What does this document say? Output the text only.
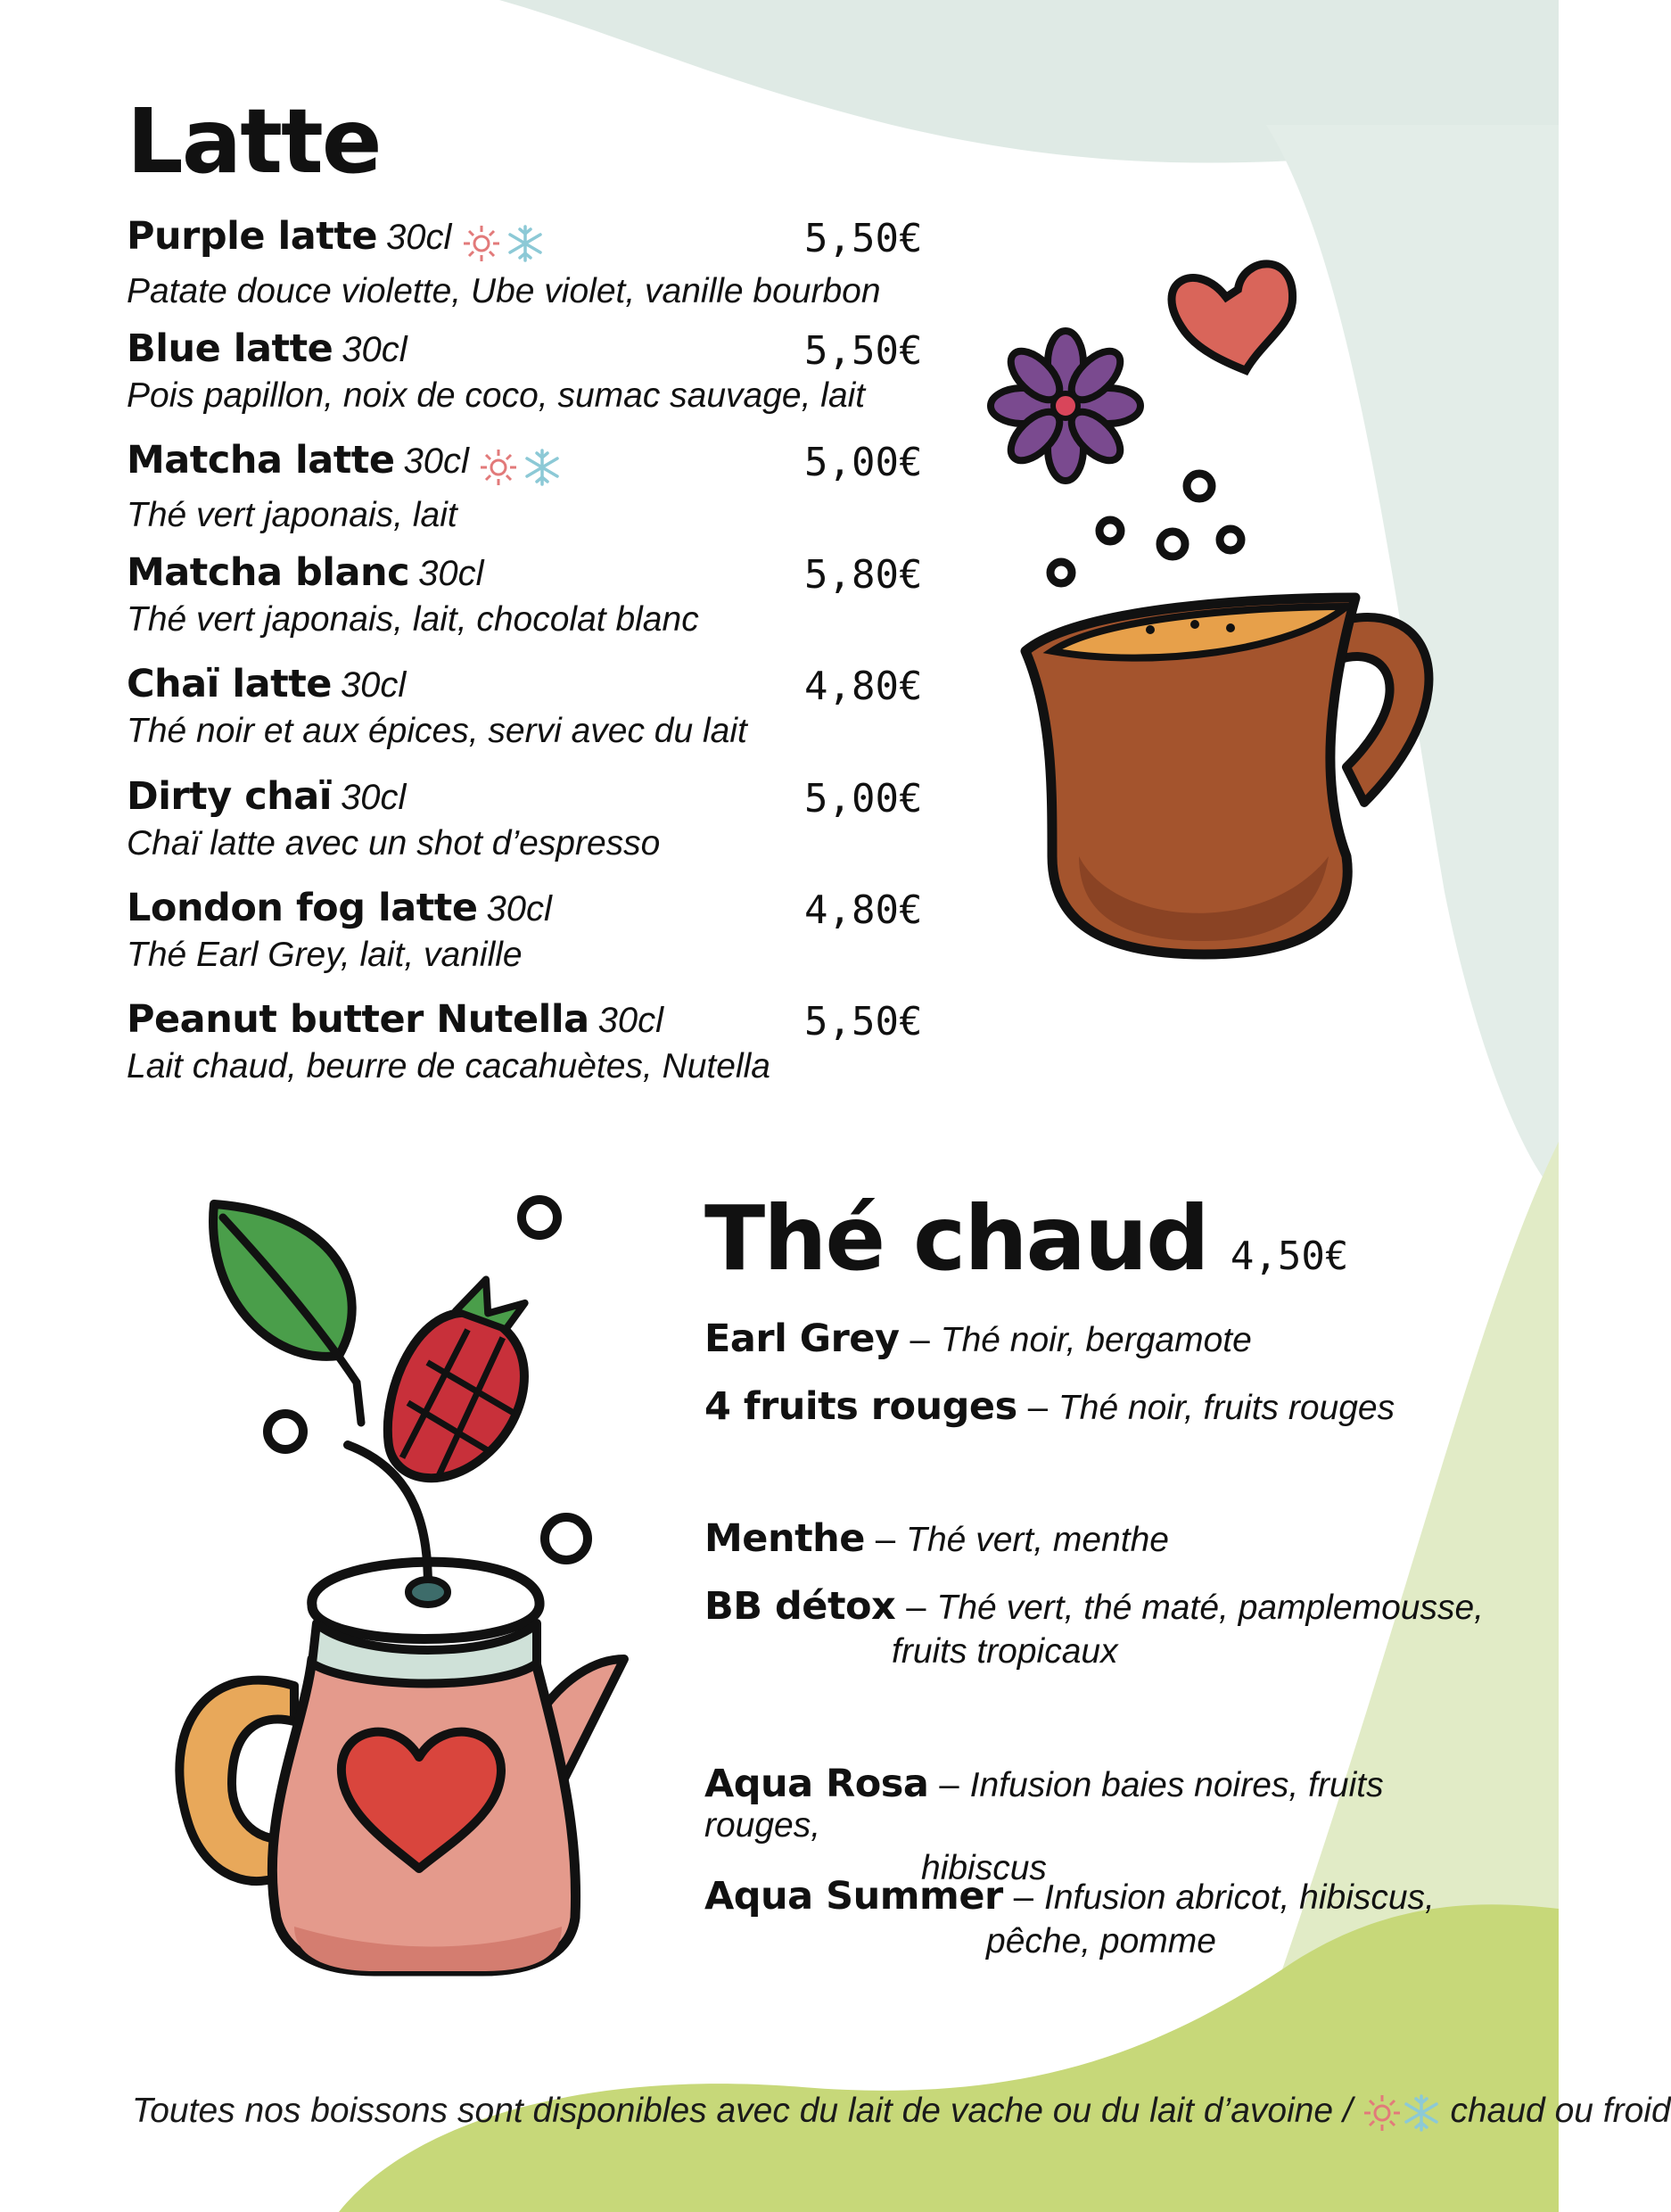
Latte
Purple latte 30cl	5,50€
Patate douce violette, Ube violet, vanille bourbon
Blue latte 30cl	5,50€
Pois papillon, noix de coco, sumac sauvage, lait
Matcha latte 30cl	5,00€
Thé vert japonais, lait
Matcha blanc 30cl	5,80€
Thé vert japonais, lait, chocolat blanc
Chaï latte 30cl	4,80€
Thé noir et aux épices, servi avec du lait
Dirty chaï 30cl	5,00€
Chaï latte avec un shot d’espresso
London fog latte 30cl	4,80€
Thé Earl Grey, lait, vanille
Peanut butter Nutella 30cl	5,50€
Lait chaud, beurre de cacahuètes, Nutella
Thé chaud 4,50€
Earl Grey – Thé noir, bergamote
4 fruits rouges – Thé noir, fruits rouges
Menthe – Thé vert, menthe
BB détox – Thé vert, thé maté, pamplemousse,
fruits tropicaux
Aqua Rosa – Infusion baies noires, fruits rouges,
hibiscus
Aqua Summer – Infusion abricot, hibiscus,
pêche, pomme
Toutes nos boissons sont disponibles avec du lait de vache ou du lait d’avoine /	chaud ou froid
